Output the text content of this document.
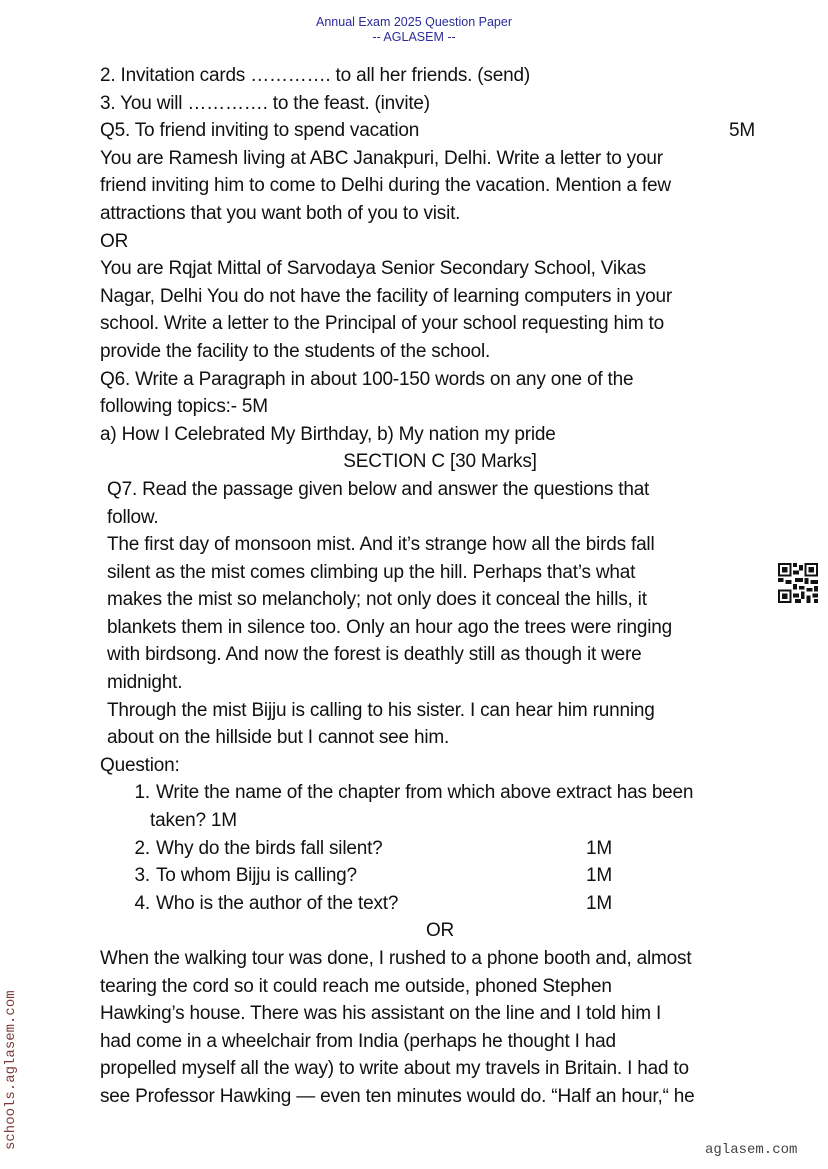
Annual Exam 2025 Question Paper
-- AGLASEM --
2. Invitation cards …………. to all her friends. (send)
3. You will …………. to the feast. (invite)
Q5. To friend inviting to spend vacation	5M
You are Ramesh living at ABC Janakpuri, Delhi. Write a letter to your
friend inviting him to come to Delhi during the vacation. Mention a few
attractions that you want both of you to visit.
OR
You are Rqjat Mittal of Sarvodaya Senior Secondary School, Vikas
Nagar, Delhi You do not have the facility of learning computers in your
school. Write a letter to the Principal of your school requesting him to
provide the facility to the students of the school.
Q6. Write a Paragraph in about 100-150 words on any one of the
following topics:- 5M
a) How I Celebrated My Birthday, b) My nation my pride
SECTION C [30 Marks]
Q7. Read the passage given below and answer the questions that
follow.
The first day of monsoon mist. And it’s strange how all the birds fall
silent as the mist comes climbing up the hill. Perhaps that’s what
makes the mist so melancholy; not only does it conceal the hills, it
blankets them in silence too. Only an hour ago the trees were ringing
with birdsong. And now the forest is deathly still as though it were
midnight.
Through the mist Bijju is calling to his sister. I can hear him running
about on the hillside but I cannot see him.
Question:
1. Write the name of the chapter from which above extract has been
taken? 1M
2. Why do the birds fall silent?	1M
3. To whom Bijju is calling?	1M
4. Who is the author of the text?	1M
OR
When the walking tour was done, I rushed to a phone booth and, almost
tearing the cord so it could reach me outside, phoned Stephen
Hawking’s house. There was his assistant on the line and I told him I
had come in a wheelchair from India (perhaps he thought I had
propelled myself all the way) to write about my travels in Britain. I had to
see Professor Hawking — even ten minutes would do. “Half an hour,“ he
schools.aglasem.com	aglasem.com
